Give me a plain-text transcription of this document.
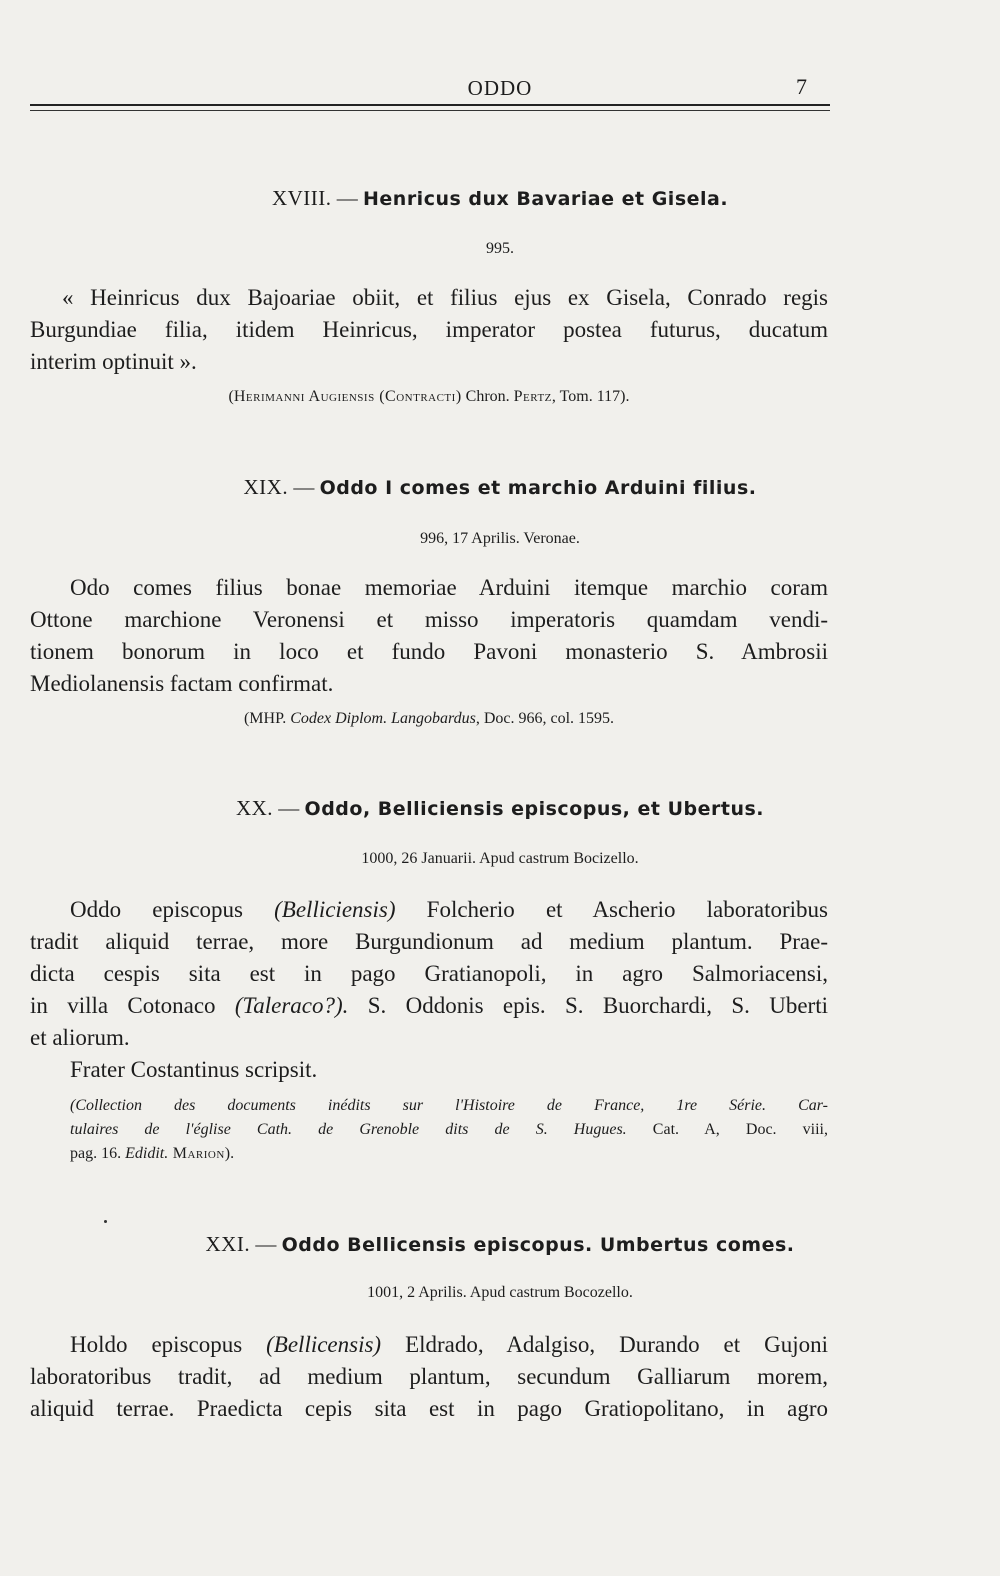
ODDO	7
XVIII. — Henricus dux Bavariae et Gisela.
995.
« Heinricus dux Bajoariae obiit, et filius ejus ex Gisela, Conrado regis
Burgundiae filia, itidem Heinricus, imperator postea futurus, ducatum
interim optinuit ».
(Herimanni Augiensis (Contracti) Chron. Pertz, Tom. 117).
XIX. — Oddo I comes et marchio Arduini filius.
996, 17 Aprilis. Veronae.
Odo comes filius bonae memoriae Arduini itemque marchio coram
Ottone marchione Veronensi et misso imperatoris quamdam vendi-
tionem bonorum in loco et fundo Pavoni monasterio S. Ambrosii
Mediolanensis factam confirmat.
(MHP. Codex Diplom. Langobardus, Doc. 966, col. 1595.
XX. — Oddo, Belliciensis episcopus, et Ubertus.
1000, 26 Januarii. Apud castrum Bocizello.
Oddo episcopus (Belliciensis) Folcherio et Ascherio laboratoribus
tradit aliquid terrae, more Burgundionum ad medium plantum. Prae-
dicta cespis sita est in pago Gratianopoli, in agro Salmoriacensi,
in villa Cotonaco (Taleraco?). S. Oddonis epis. S. Buorchardi, S. Uberti
et aliorum.
Frater Costantinus scripsit.
(Collection des documents inédits sur l'Histoire de France, 1re Série. Car-
tulaires de l'église Cath. de Grenoble dits de S. Hugues. Cat. A, Doc. viii,
pag. 16. Edidit. Marion).
XXI. — Oddo Bellicensis episcopus. Umbertus comes.
1001, 2 Aprilis. Apud castrum Bocozello.
Holdo episcopus (Bellicensis) Eldrado, Adalgiso, Durando et Gujoni
laboratoribus tradit, ad medium plantum, secundum Galliarum morem,
aliquid terrae. Praedicta cepis sita est in pago Gratiopolitano, in agro
